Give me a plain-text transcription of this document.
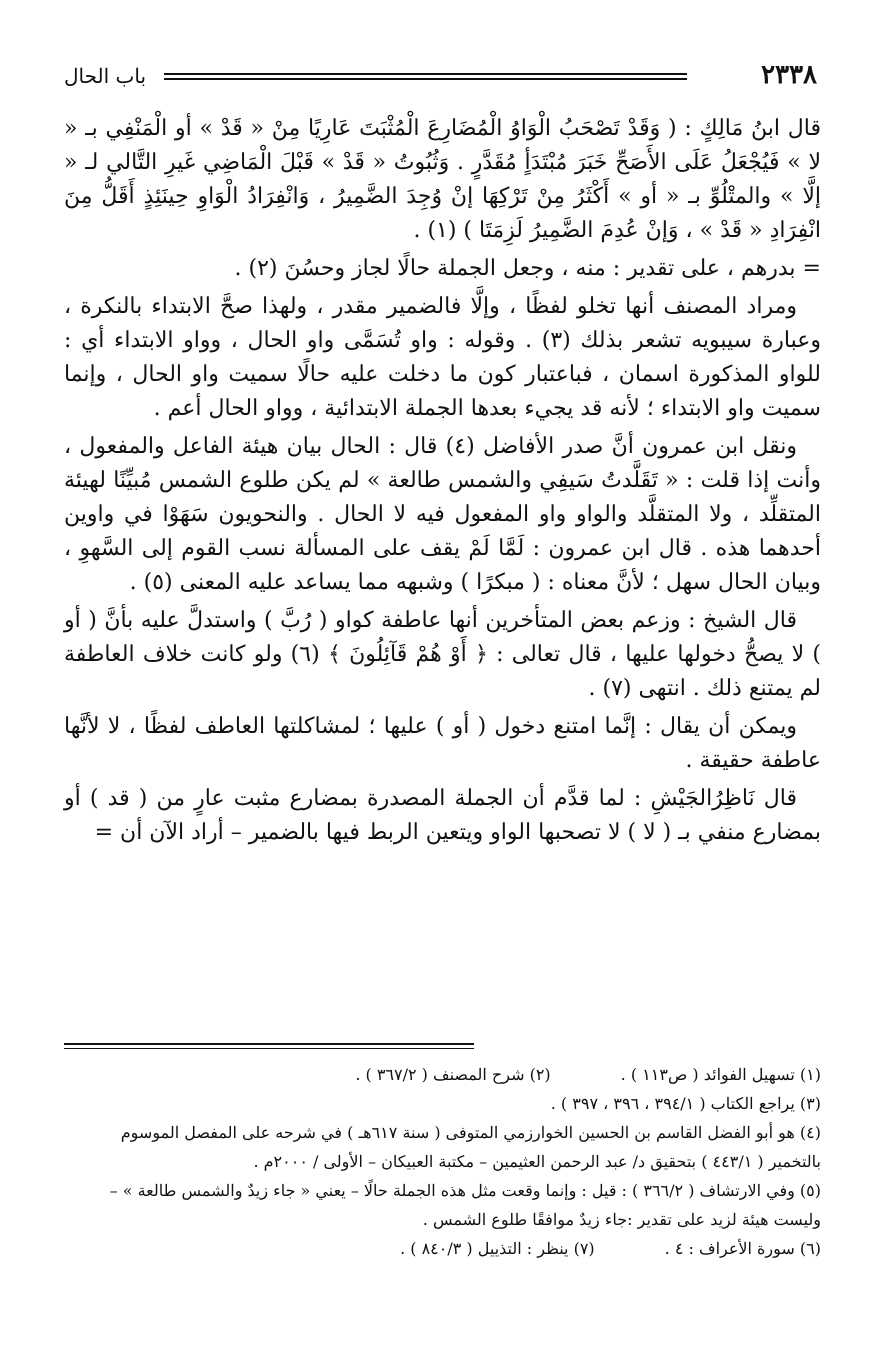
٢٣٣٨
باب الحال

قال ابنُ مَالِكٍ : ( وَقَدْ تَصْحَبُ الْوَاوُ الْمُضَارِعَ الْمُثْبَتَ عَارِيًا مِنْ « قَدْ » أو الْمَنْفِي بـ « لا » فَيُجْعَلُ عَلَى الأَصَحِّ خَبَرَ مُبْتَدَأٍ مُقَدَّرٍ . وَثُبُوتُ « قَدْ » قَبْلَ الْمَاضِي غَيرِ التَّالي لـ « إلَّا » والمتْلُوِّ بـ « أو » أَكْثَرُ مِنْ تَرْكِهَا إنْ وُجِدَ الضَّمِيرُ ، وَانْفِرَادُ الْوَاوِ حِينَئِذٍ أَقَلُّ مِنَ انْفِرَادِ « قَدْ » ، وَإنْ عُدِمَ الضَّمِيرُ لَزِمَتَا ) (١) .

= بدرهم ، على تقدير : منه ، وجعل الجملة حالًا لجاز وحسُنَ (٢) .

ومراد المصنف أنها تخلو لفظًا ، وإلَّا فالضمير مقدر ، ولهذا صحَّ الابتداء بالنكرة ، وعبارة سيبويه تشعر بذلك (٣) . وقوله : واو تُسَمَّى واو الحال ، وواو الابتداء أي : للواو المذكورة اسمان ، فباعتبار كون ما دخلت عليه حالًا سميت واو الحال ، وإنما سميت واو الابتداء ؛ لأنه قد يجيء بعدها الجملة الابتدائية ، وواو الحال أعم .

ونقل ابن عمرون أنَّ صدر الأفاضل (٤) قال : الحال بيان هيئة الفاعل والمفعول ، وأنت إذا قلت : « تَقَلَّدتُ سَيفِي والشمس طالعة » لم يكن طلوع الشمس مُبيِّنًا لهيئة المتقلِّد ، ولا المتقلَّد والواو واو المفعول فيه لا الحال . والنحويون سَهَوْا في واوين أحدهما هذه . قال ابن عمرون : لَمَّا لَمْ يقف على المسألة نسب القوم إلى السَّهوِ ، وبيان الحال سهل ؛ لأنَّ معناه : ( مبكرًا ) وشبهه مما يساعد عليه المعنى (٥) .

قال الشيخ : وزعم بعض المتأخرين أنها عاطفة كواو ( رُبَّ ) واستدلَّ عليه بأنَّ ( أو ) لا يصحُّ دخولها عليها ، قال تعالى : ﴿ أَوْ هُمْ قَآئِلُونَ ﴾ (٦) ولو كانت خلاف العاطفة لم يمتنع ذلك . انتهى (٧) .

ويمكن أن يقال : إنَّما امتنع دخول ( أو ) عليها ؛ لمشاكلتها العاطف لفظًا ، لا لأنَّها عاطفة حقيقة .

قال نَاظِرُالجَيْشِ : لما قدَّم أن الجملة المصدرة بمضارع مثبت عارٍ من ( قد ) أو بمضارع منفي بـ ( لا ) لا تصحبها الواو ويتعين الربط فيها بالضمير – أراد الآن أن =

(١) تسهيل الفوائد ( ص١١٣ ) .
(٢) شرح المصنف ( ٣٦٧/٢ ) .
(٣) يراجع الكتاب ( ٣٩٤/١ ، ٣٩٦ ، ٣٩٧ ) .
(٤) هو أبو الفضل القاسم بن الحسين الخوارزمي المتوفى ( سنة ٦١٧هـ ) في شرحه على المفصل الموسوم بالتخمير ( ٤٤٣/١ ) بتحقيق د/ عبد الرحمن العثيمين – مكتبة العبيكان – الأولى / ٢٠٠٠م .
(٥) وفي الارتشاف ( ٣٦٦/٢ ) : قيل : وإنما وقعت مثل هذه الجملة حالًا – يعني « جاء زيدٌ والشمس طالعة » – وليست هيئة لزيد على تقدير :جاء زيدٌ موافقًا طلوع الشمس .
(٦) سورة الأعراف : ٤ .
(٧) ينظر : التذييل ( ٨٤٠/٣ ) .
